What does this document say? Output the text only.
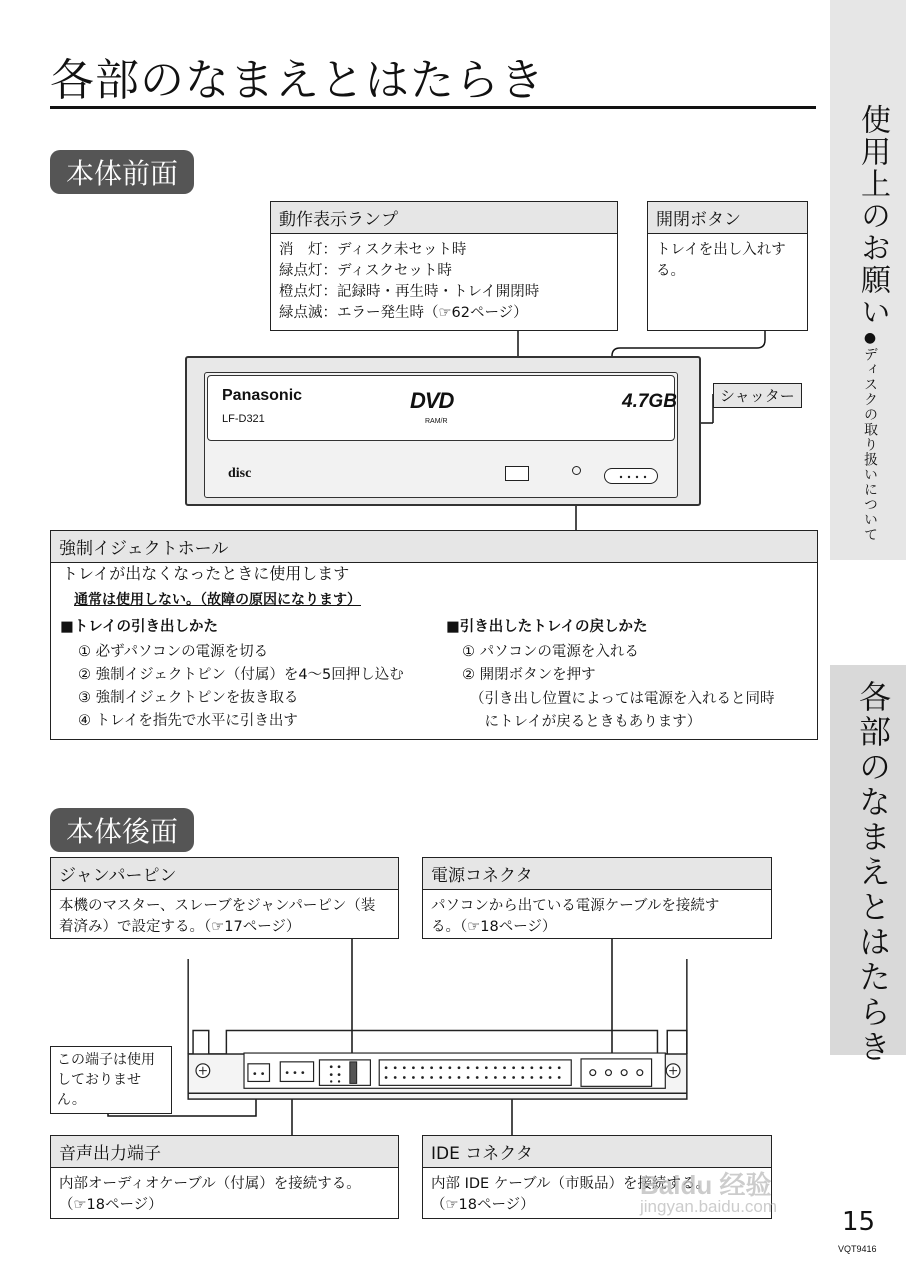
使用上のお願い
●ディスクの取り扱いについて
各部のなまえとはたらき
各部のなまえとはたらき
本体前面
動作表示ランプ
消　灯：ディスク未セット時
緑点灯：ディスクセット時
橙点灯：記録時・再生時・トレイ開閉時
緑点滅：エラー発生時（☞62ページ）
開閉ボタン
トレイを出し入れする。
Panasonic
LF-D321
DVD
RAM/R
4.7GB
disc
シャッター
強制イジェクトホール
トレイが出なくなったときに使用します
通常は使用しない。（故障の原因になります）
■トレイの引き出しかた
① 必ずパソコンの電源を切る
② 強制イジェクトピン（付属）を4〜5回押し込む
③ 強制イジェクトピンを抜き取る
④ トレイを指先で水平に引き出す
■引き出したトレイの戻しかた
① パソコンの電源を入れる
② 開閉ボタンを押す
（引き出し位置によっては電源を入れると同時
　にトレイが戻るときもあります）
本体後面
ジャンパーピン
本機のマスター、スレーブをジャンパーピン（装
着済み）で設定する。（☞17ページ）
電源コネクタ
パソコンから出ている電源ケーブルを接続す
る。（☞18ページ）
この端子は使用しておりません。
音声出力端子
内部オーディオケーブル（付属）を接続する。
（☞18ページ）
IDE コネクタ
内部 IDE ケーブル（市販品）を接続する。
（☞18ページ）
Baidu 经验
jingyan.baidu.com
15
VQT9416
